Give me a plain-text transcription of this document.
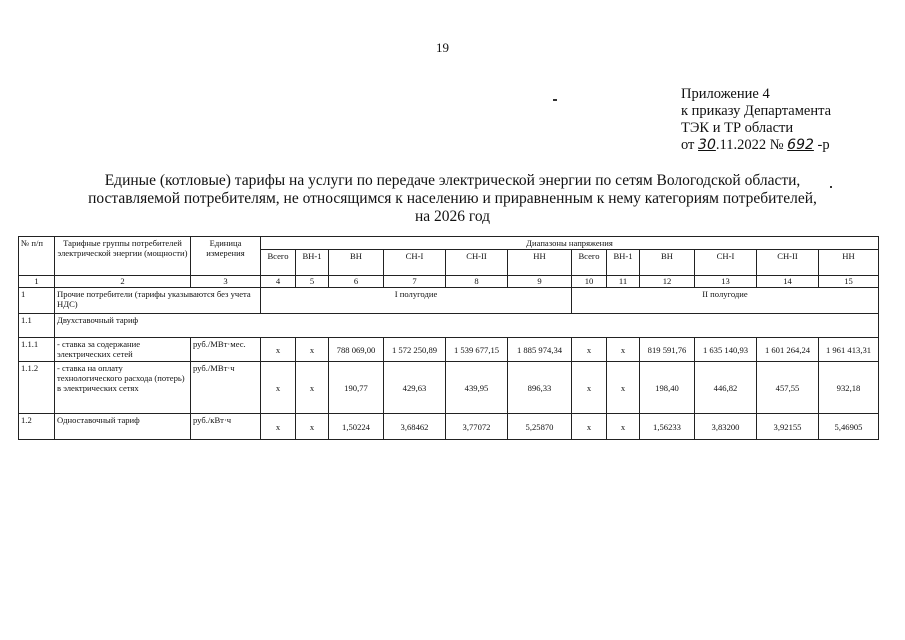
19
Приложение 4
к приказу Департамента
ТЭК и ТР области
от 30.11.2022 № 692 -р
Единые (котловые) тарифы на услуги по передаче электрической энергии по сетям Вологодской области,
поставляемой потребителям, не относящимся к населению и приравненным к нему категориям потребителей,
на 2026 год
№ п/п	Тарифные группы потребителей электрической энергии (мощности)	Единица измерения	Диапазоны напряжения											
			Всего	ВН-1	ВН	СН-I	СН-II	НН	Всего	ВН-1	ВН	СН-I	СН-II	НН
1	2	3	4	5	6	7	8	9	10	11	12	13	14	15
1	Прочие потребители (тарифы указываются без учета НДС)		I полугодие						II полугодие					
1.1	Двухставочный тариф													
1.1.1	- ставка за содержание электрических сетей	руб./МВт·мес.	x	x	788 069,00	1 572 250,89	1 539 677,15	1 885 974,34	x	x	819 591,76	1 635 140,93	1 601 264,24	1 961 413,31
1.1.2	- ставка на оплату технологического расхода (потерь) в электрических сетях	руб./МВт·ч	x	x	190,77	429,63	439,95	896,33	x	x	198,40	446,82	457,55	932,18
1.2	Одноставочный тариф	руб./кВт·ч	x	x	1,50224	3,68462	3,77072	5,25870	x	x	1,56233	3,83200	3,92155	5,46905
